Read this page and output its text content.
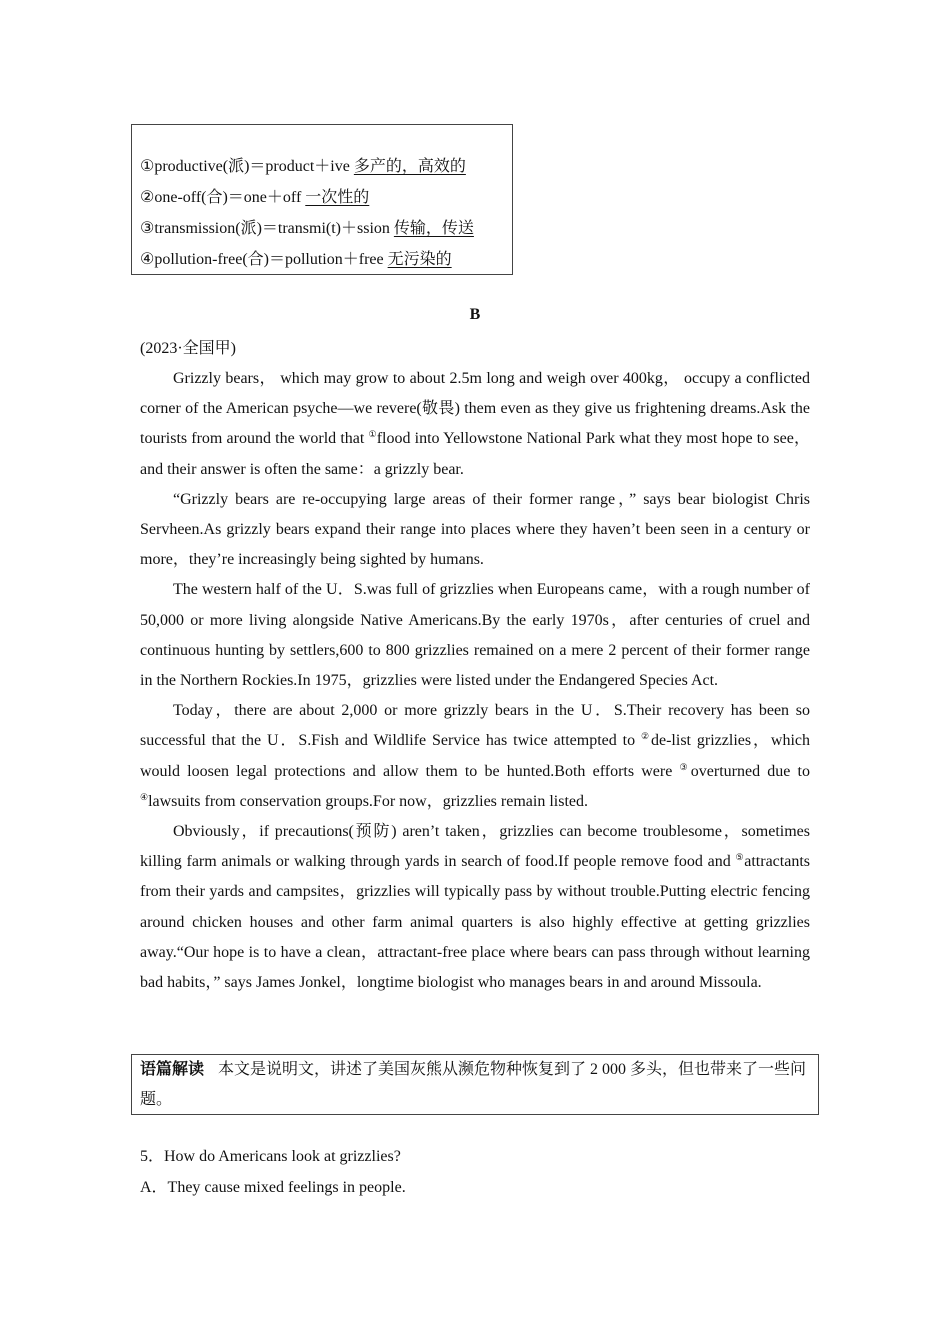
①productive(派)＝product＋ive 多产的，高效的
②one-off(合)＝one＋off 一次性的
③transmission(派)＝transmi(t)＋ssion 传输，传送
④pollution-free(合)＝pollution＋free 无污染的
B
(2023·全国甲)

Grizzly bears， which may grow to about 2.5m long and weigh over 400kg， occupy a conflicted corner of the American psyche—we revere(敬畏) them even as they give us frightening dreams.Ask the tourists from around the world that ①flood into Yellowstone National Park what they most hope to see，and their answer is often the same：a grizzly bear.

“Grizzly bears are re-occupying large areas of their former range，” says bear biologist Chris Servheen.As grizzly bears expand their range into places where they haven’t been seen in a century or more，they’re increasingly being sighted by humans.

The western half of the U．S.was full of grizzlies when Europeans came，with a rough number of 50,000 or more living alongside Native Americans.By the early 1970s，after centuries of cruel and continuous hunting by settlers,600 to 800 grizzlies remained on a mere 2 percent of their former range in the Northern Rockies.In 1975，grizzlies were listed under the Endangered Species Act.

Today，there are about 2,000 or more grizzly bears in the U．S.Their recovery has been so successful that the U．S.Fish and Wildlife Service has twice attempted to ②de-list grizzlies，which would loosen legal protections and allow them to be hunted.Both efforts were ③overturned due to ④lawsuits from conservation groups.For now，grizzlies remain listed.

Obviously，if precautions(预防) aren’t taken，grizzlies can become troublesome，sometimes killing farm animals or walking through yards in search of food.If people remove food and ⑤attractants from their yards and campsites，grizzlies will typically pass by without trouble.Putting electric fencing around chicken houses and other farm animal quarters is also highly effective at getting grizzlies away.“Our hope is to have a clean，attractant-free place where bears can pass through without learning bad habits，” says James Jonkel，longtime biologist who manages bears in and around Missoula.

语篇解读 本文是说明文，讲述了美国灰熊从濒危物种恢复到了 2 000 多头，但也带来了一些问题。
5．How do Americans look at grizzlies?
A．They cause mixed feelings in people.
